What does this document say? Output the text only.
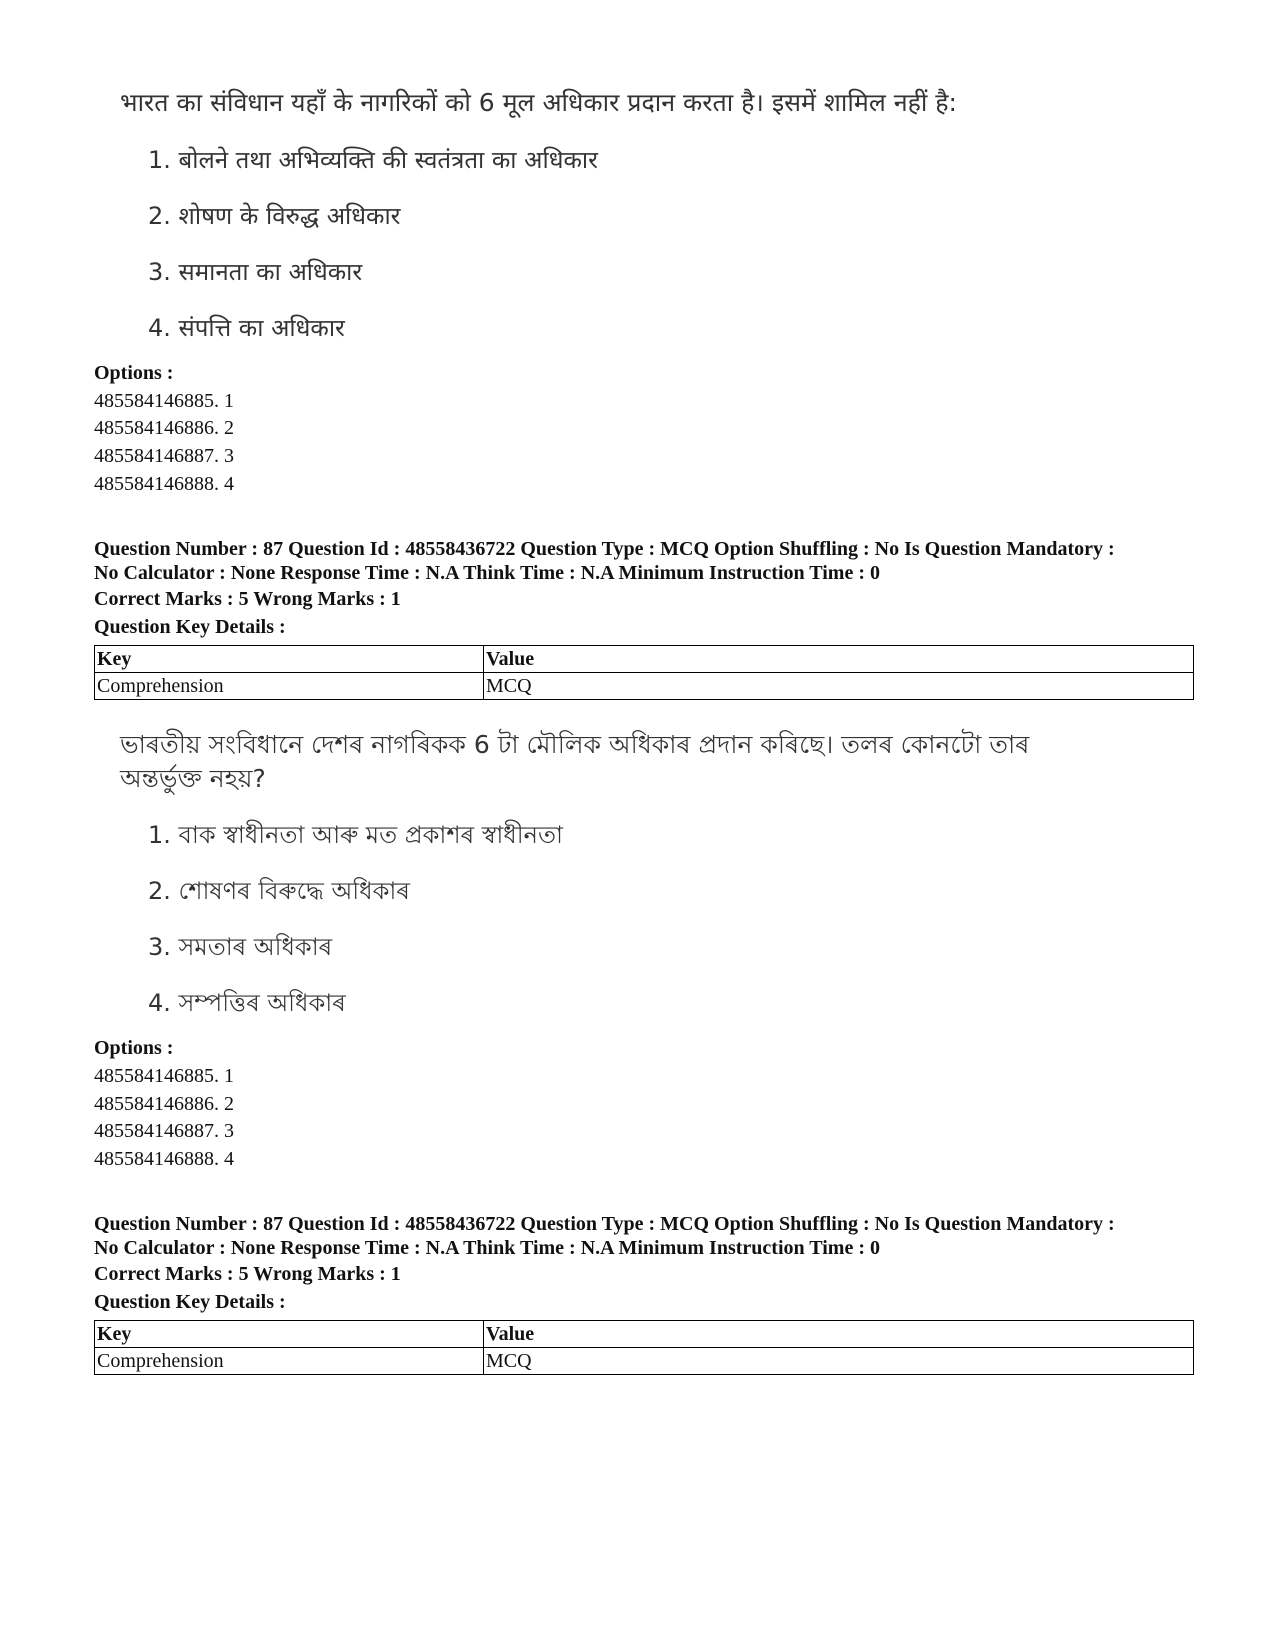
भारत का संविधान यहाँ के नागरिकों को 6 मूल अधिकार प्रदान करता है। इसमें शामिल नहीं है:
1. बोलने तथा अभिव्यक्ति की स्वतंत्रता का अधिकार
2. शोषण के विरुद्ध अधिकार
3. समानता का अधिकार
4. संपत्ति का अधिकार
Options :
485584146885. 1
485584146886. 2
485584146887. 3
485584146888. 4
Question Number : 87 Question Id : 48558436722 Question Type : MCQ Option Shuffling : No Is Question Mandatory :
No Calculator : None Response Time : N.A Think Time : N.A Minimum Instruction Time : 0
Correct Marks : 5 Wrong Marks : 1
Question Key Details :
Key	Value
Comprehension	MCQ
ভাৰতীয় সংবিধানে দেশৰ নাগৰিকক 6 টা মৌলিক অধিকাৰ প্ৰদান কৰিছে। তলৰ কোনটো তাৰ অন্তৰ্ভুক্ত নহয়?
1. বাক স্বাধীনতা আৰু মত প্ৰকাশৰ স্বাধীনতা
2. শোষণৰ বিৰুদ্ধে অধিকাৰ
3. সমতাৰ অধিকাৰ
4. সম্পত্তিৰ অধিকাৰ
Options :
485584146885. 1
485584146886. 2
485584146887. 3
485584146888. 4
Question Number : 87 Question Id : 48558436722 Question Type : MCQ Option Shuffling : No Is Question Mandatory :
No Calculator : None Response Time : N.A Think Time : N.A Minimum Instruction Time : 0
Correct Marks : 5 Wrong Marks : 1
Question Key Details :
Key	Value
Comprehension	MCQ
